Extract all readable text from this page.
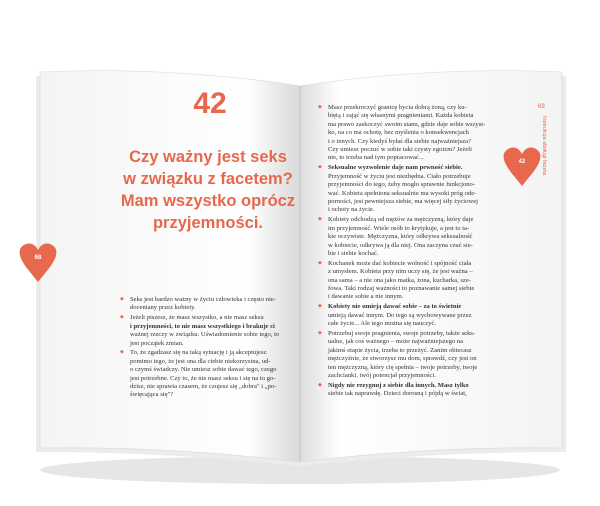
68
42
42
Czy ważny jest seks
w związku z facetem?
Mam wszystko oprócz
przyjemności.
◆ Seks jest bardzo ważny w życiu człowieka i często nie-
doceniany przez kobiety.
◆ Jeżeli piszesz, że masz wszystko, a nie masz seksu
i przyjemności, to nie masz wszystkiego i brakuje ci
ważnej rzeczy w związku. Uświadomienie sobie tego, to
jest początek zmian.
◆ To, że zgadzasz się na taką sytuację i ją akceptujesz
pomimo tego, że jest ona dla ciebie niekorzystna, ud-
o czymś świadczy. Nie umiesz sobie dawać tego, czego
jest potrzebne. Czy to, że nie masz seksu i się na to go-
dzisz, nie sprawia czasem, że czujesz się „dobra" i „po-
święcająca się"?
◆ Masz przekroczyć granicę bycia dobrą żoną, czy ku-
biętą i zająć się własnymi pragnieniami. Każda kobieta
ma prawo zaskoczyć swoim stanu, gdzie daje sobie wszyst-
ko, na co ma ochotę, bez myślenia o konsekwencjach
i o innych. Czy kiedyś byłaś dla siebie najważniejsza?
Czy umiesz poczuć w sobie taki czysty egoizm? Jeżeli
nie, to trzeba nad tym popracować...
◆ Seksualne wyzwolenie daje nam pewność siebie.
Przyjemność w życiu jest niezbędna. Ciało potrzebuje
przyjemności do tego, żeby mogło sprawnie funkcjono-
wać. Kobieta spełniona seksualnie ma wysoki próg ode-
porności, jest pewniejsza siebie, ma więcej siły życiowej
i ochoty na życie.
◆ Kobiety odchodzą od mężów za mężczyzną, który daje
im przyjemność. Wiele osób to krytykuje, a jest to ta-
kie oczywiste. Mężczyzna, który odkrywa seksualność
w kobiecie, odkrywa ją dla niej. Ona zaczyna czuć sie-
bie i siebie kochać.
◆ Kochanek może dać kobiecie wolność i spójność ciała
z umysłem. Kobieta przy nim uczy się, że jest ważna –
ona sama – a nie ona jako matka, żona, kucharka, sze-
fowa. Taki rodzaj ważności to poznawanie samej siebie
i dawanie sobie a nie innym.
◆ Kobiety nie umieją dawać sobie – za to świetnie
umieją dawać innym. Do tego są wychowywane przez
całe życie... Ale tego można się nauczyć.
◆ Potrzebuj swoje pragnienia, swoje potrzeby, także seks-
ualne, jak coś ważnego – może najważniejszego na
jakimś etapie życia, trzeba to przeżyć. Zanim obiecasz
mężczyźnie, że stworzysz mu dom, sprawdź, czy jest on
ten mężczyzną, który cię spełnia – twoje potrzeby, twoje
zachcianki, twój potencjał przyjemności.
◆ Nigdy nie rezygnuj z siebie dla innych. Masz tylko
siebie tak naprawdę. Dzieci dorosną i pójdą w świat,
69
Instrukcja obsługi faceta
